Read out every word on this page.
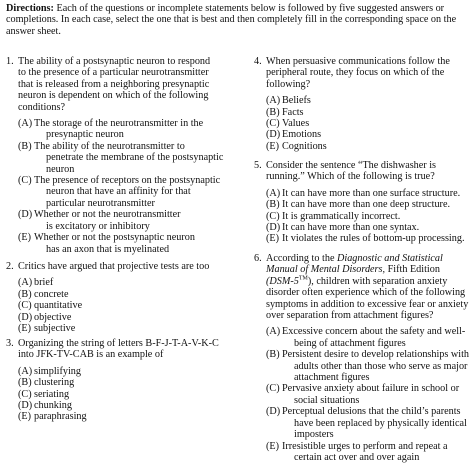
Directions: Each of the questions or incomplete statements below is followed by five suggested answers or completions. In each case, select the one that is best and then completely fill in the corresponding space on the answer sheet.
1. The ability of a postsynaptic neuron to respond
to the presence of a particular neurotransmitter
that is released from a neighboring presynaptic
neuron is dependent on which of the following
conditions?
(A) The storage of the neurotransmitter in the
presynaptic neuron
(B) The ability of the neurotransmitter to
penetrate the membrane of the postsynaptic
neuron
(C) The presence of receptors on the postsynaptic
neuron that have an affinity for that
particular neurotransmitter
(D) Whether or not the neurotransmitter
is excitatory or inhibitory
(E) Whether or not the postsynaptic neuron
has an axon that is myelinated
2. Critics have argued that projective tests are too
(A) brief
(B) concrete
(C) quantitative
(D) objective
(E) subjective
3. Organizing the string of letters B-F-J-T-A-V-K-C
into JFK-TV-CAB is an example of
(A) simplifying
(B) clustering
(C) seriating
(D) chunking
(E) paraphrasing
4. When persuasive communications follow the
peripheral route, they focus on which of the
following?
(A) Beliefs
(B) Facts
(C) Values
(D) Emotions
(E) Cognitions
5. Consider the sentence “The dishwasher is
running.” Which of the following is true?
(A) It can have more than one surface structure.
(B) It can have more than one deep structure.
(C) It is grammatically incorrect.
(D) It can have more than one syntax.
(E) It violates the rules of bottom-up processing.
6. According to the Diagnostic and Statistical
Manual of Mental Disorders, Fifth Edition
(DSM-5™), children with separation anxiety
disorder often experience which of the following
symptoms in addition to excessive fear or anxiety
over separation from attachment figures?
(A) Excessive concern about the safety and well-
being of attachment figures
(B) Persistent desire to develop relationships with
adults other than those who serve as major
attachment figures
(C) Pervasive anxiety about failure in school or
social situations
(D) Perceptual delusions that the child’s parents
have been replaced by physically identical
imposters
(E) Irresistible urges to perform and repeat a
certain act over and over again
